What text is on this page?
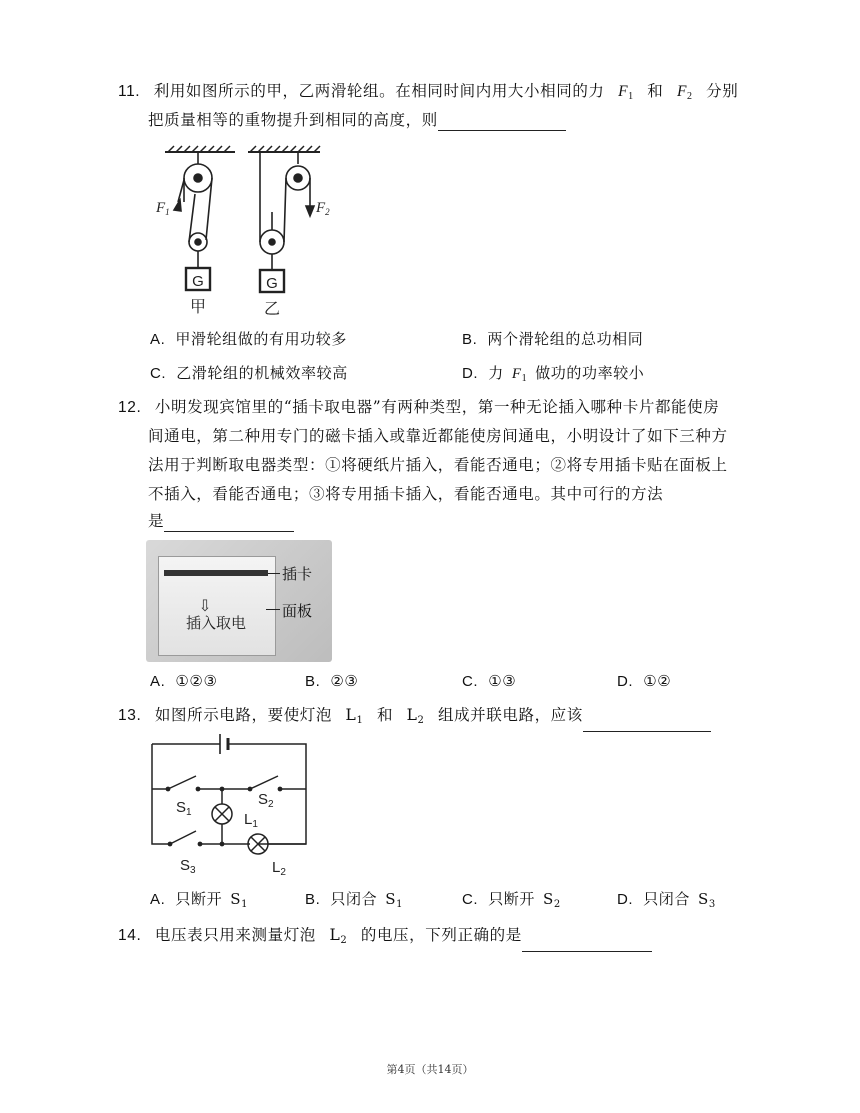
11. 利用如图所示的甲，乙两滑轮组。在相同时间内用大小相同的力 $F_1$ 和 $F_2$ 分别
把质量相等的重物提升到相同的高度，则
$F_1$	$F_2$
G	G
甲	乙
A. 甲滑轮组做的有用功较多	B. 两个滑轮组的总功相同
C. 乙滑轮组的机械效率较高	D. 力 $F_1$ 做功的功率较小
12. 小明发现宾馆里的“插卡取电器”有两种类型，第一种无论插入哪种卡片都能使房
间通电，第二种用专门的磁卡插入或靠近都能使房间通电，小明设计了如下三种方
法用于判断取电器类型：①将硬纸片插入，看能否通电；②将专用插卡贴在面板上
不插入，看能否通电；③将专用插卡插入，看能否通电。其中可行的方法
是
⇩
插入取电
插卡
面板
A. ①②③	B. ②③	C. ①③	D. ①②
13. 如图所示电路，要使灯泡 $L_1$ 和 $L_2$ 组成并联电路，应该
$S_1$
$S_2$
$L_1$
$S_3$	$L_2$
A. 只断开 $S_1$	B. 只闭合 $S_1$	C. 只断开 $S_2$	D. 只闭合 $S_3$
14. 电压表只用来测量灯泡 $L_2$ 的电压，下列正确的是
第4页（共14页）
